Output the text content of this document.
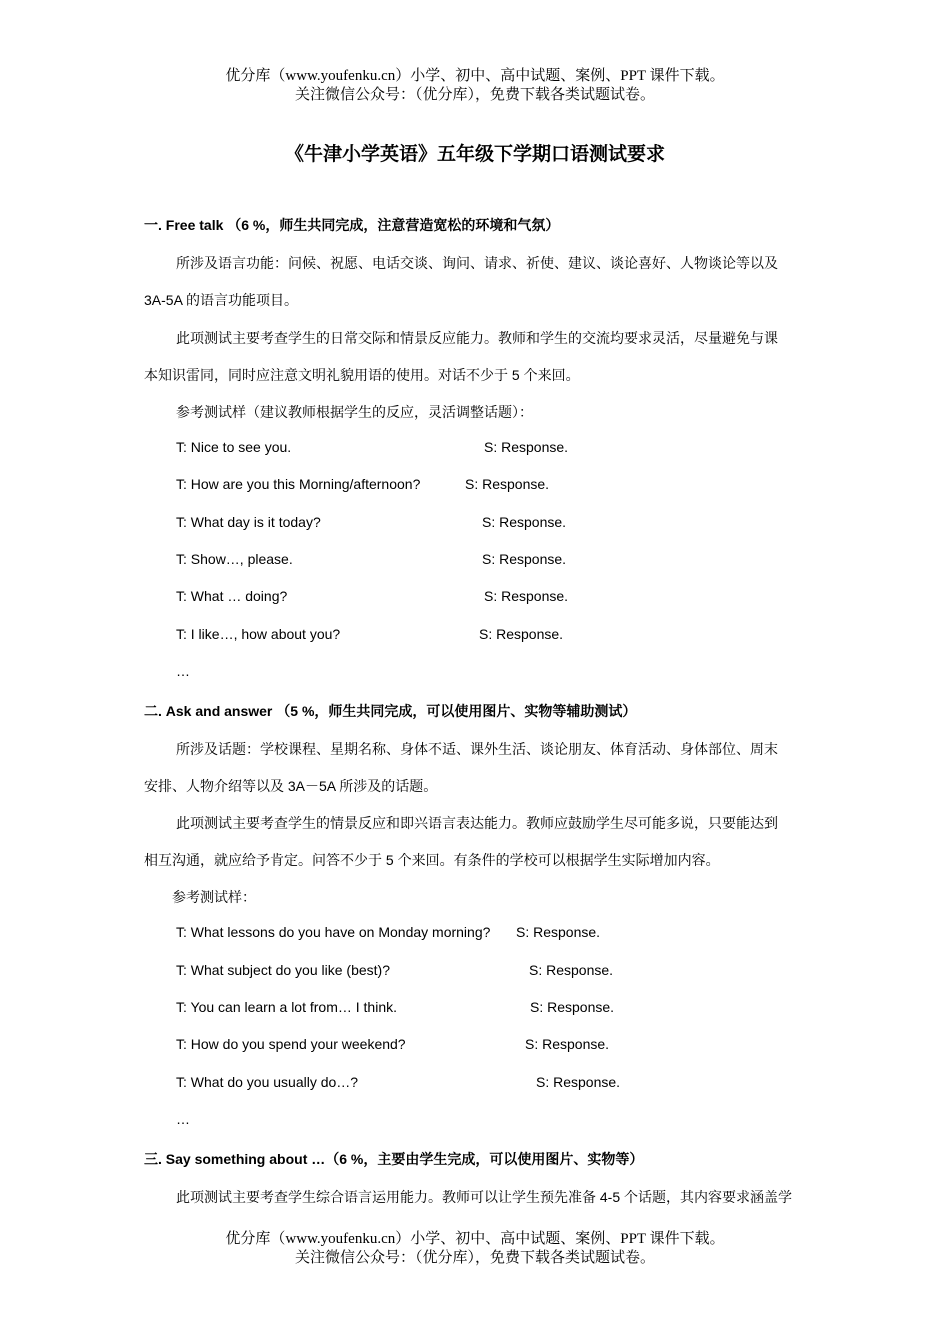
优分库（www.youfenku.cn）小学、初中、高中试题、案例、PPT 课件下载。
关注微信公众号：（优分库），免费下载各类试题试卷。
《牛津小学英语》五年级下学期口语测试要求
一. Free talk （6 %，师生共同完成，注意营造宽松的环境和气氛）
所涉及语言功能：问候、祝愿、电话交谈、询问、请求、祈使、建议、谈论喜好、人物谈论等以及
3A-5A 的语言功能项目。
此项测试主要考查学生的日常交际和情景反应能力。教师和学生的交流均要求灵活，尽量避免与课
本知识雷同，同时应注意文明礼貌用语的使用。对话不少于 5 个来回。
参考测试样（建议教师根据学生的反应，灵活调整话题）：
T: Nice to see you.	S: Response.
T: How are you this Morning/afternoon?	S: Response.
T: What day is it today?	S: Response.
T: Show…, please.	S: Response.
T: What … doing?	S: Response.
T: I like…, how about you?	S: Response.
…
二. Ask and answer （5 %，师生共同完成，可以使用图片、实物等辅助测试）
所涉及话题：学校课程、星期名称、身体不适、课外生活、谈论朋友、体育活动、身体部位、周末
安排、人物介绍等以及 3A－5A 所涉及的话题。
此项测试主要考查学生的情景反应和即兴语言表达能力。教师应鼓励学生尽可能多说，只要能达到
相互沟通，就应给予肯定。问答不少于 5 个来回。有条件的学校可以根据学生实际增加内容。
参考测试样：
T: What lessons do you have on Monday morning? S: Response.
T: What subject do you like (best)?	S: Response.
T: You can learn a lot from… I think.	S: Response.
T: How do you spend your weekend?	S: Response.
T: What do you usually do…?	S: Response.
…
三. Say something about …（6 %，主要由学生完成，可以使用图片、实物等）
此项测试主要考查学生综合语言运用能力。教师可以让学生预先准备 4-5 个话题，其内容要求涵盖学
优分库（www.youfenku.cn）小学、初中、高中试题、案例、PPT 课件下载。
关注微信公众号：（优分库），免费下载各类试题试卷。
